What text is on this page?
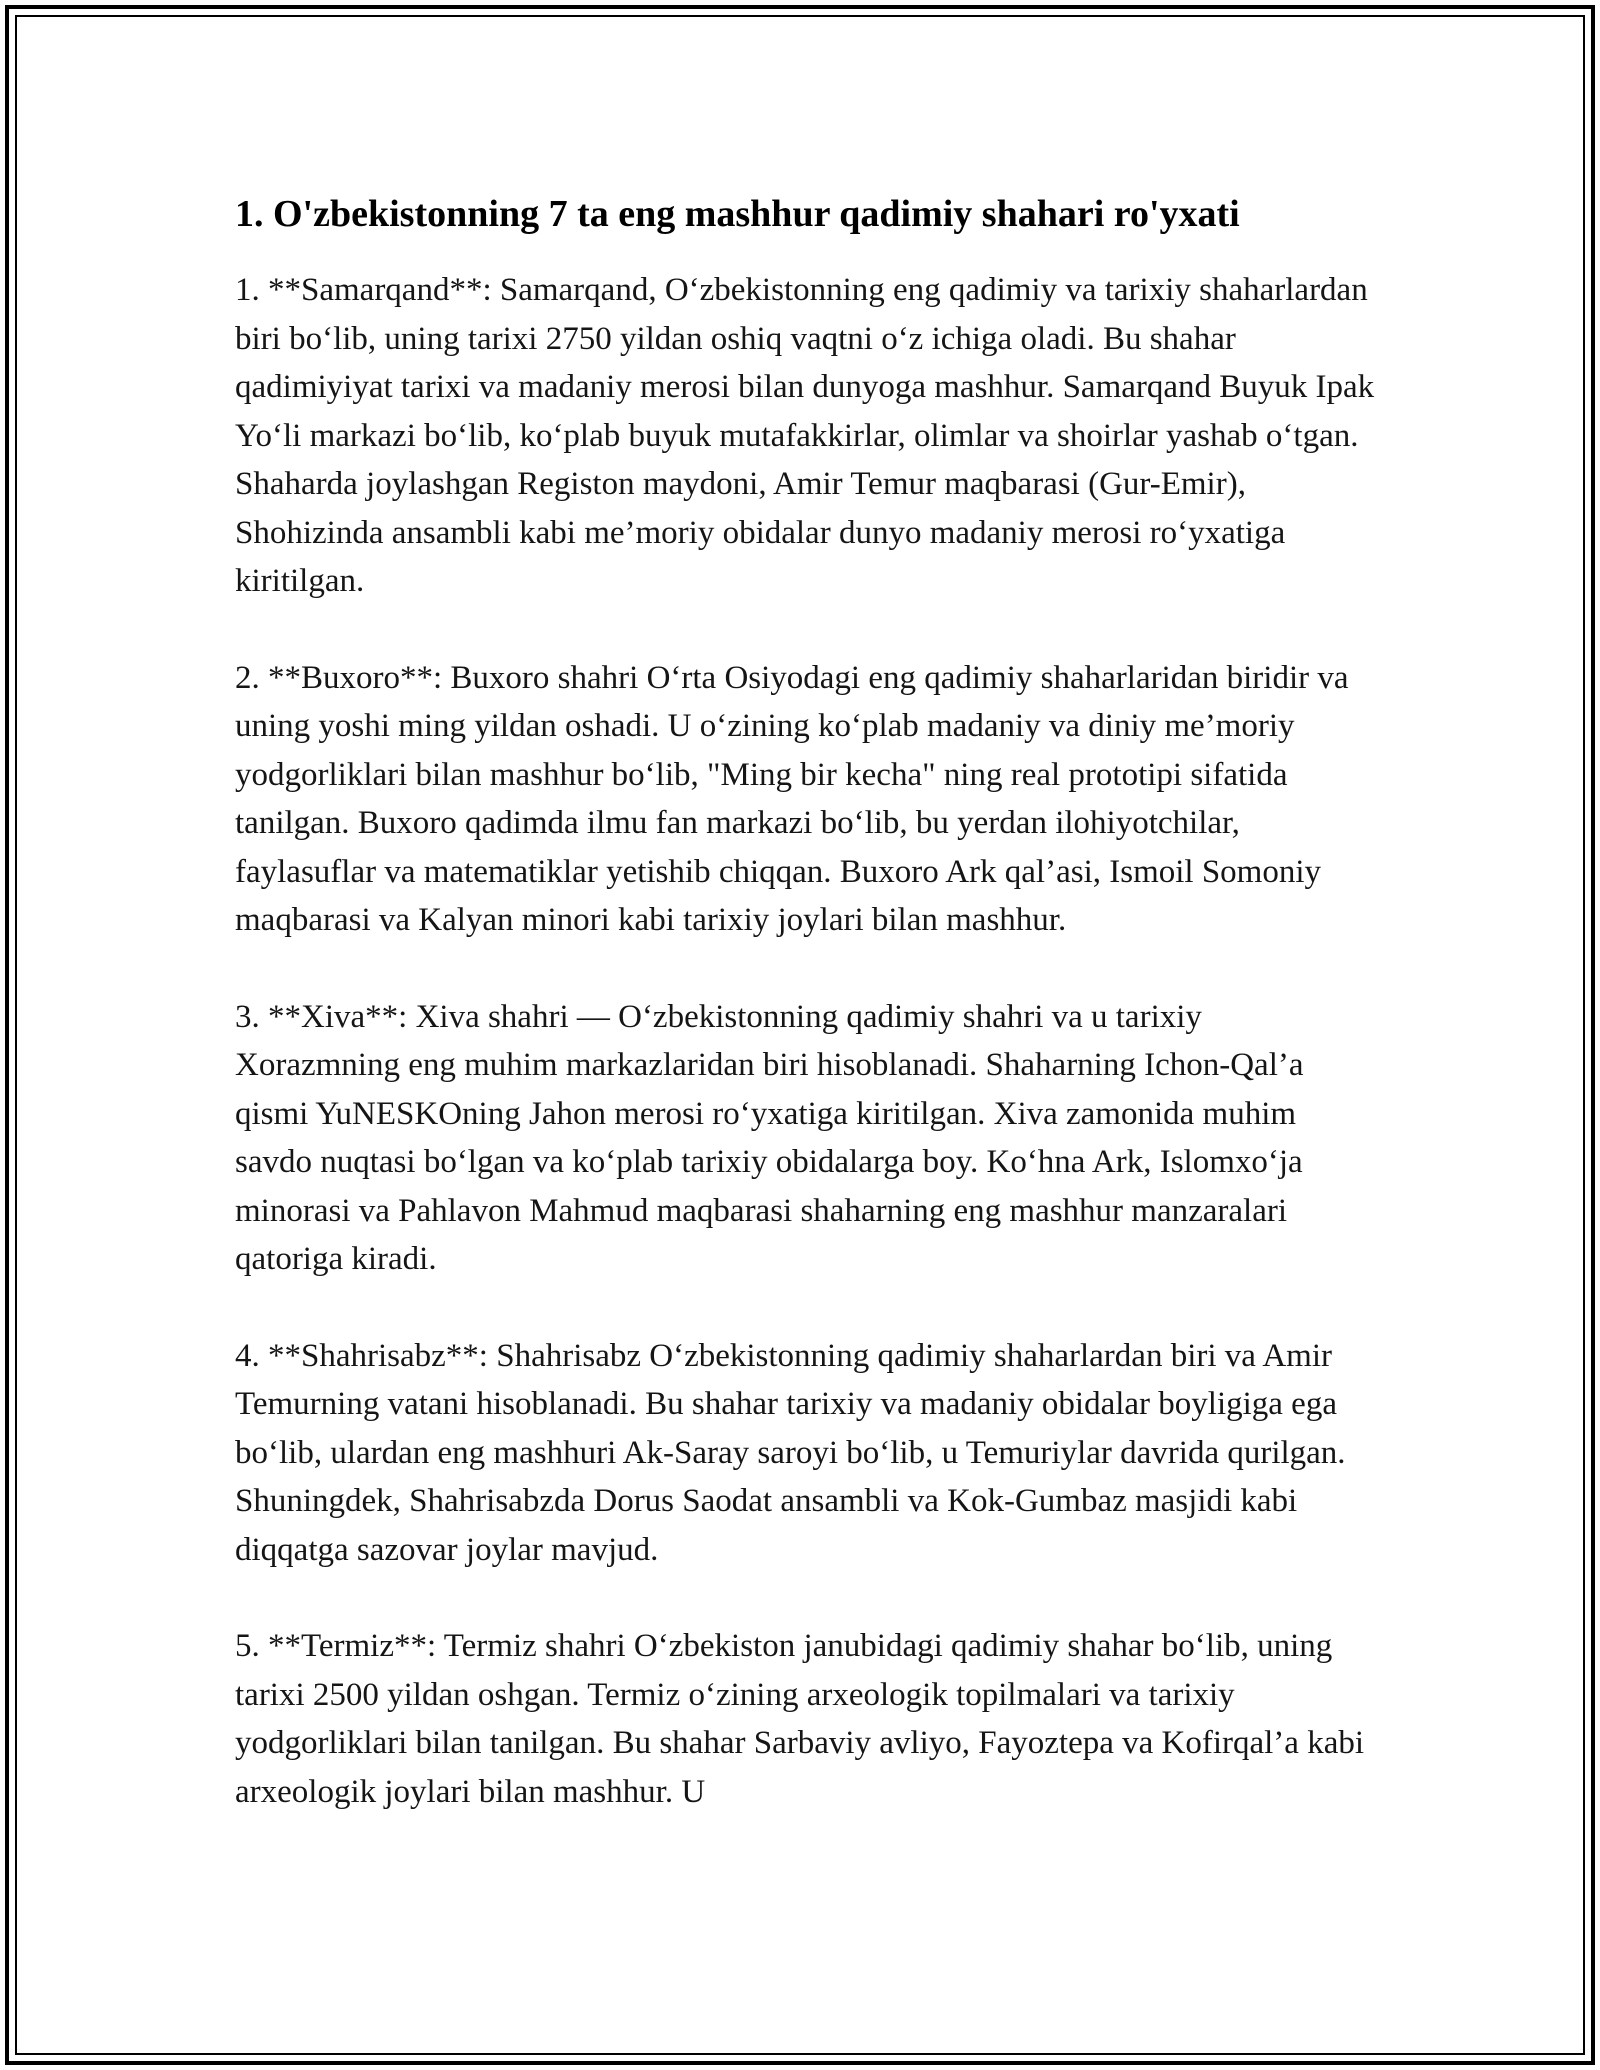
1. O'zbekistonning 7 ta eng mashhur qadimiy shahari ro'yxati

1. **Samarqand**: Samarqand, O‘zbekistonning eng qadimiy va tarixiy shaharlardan biri bo‘lib, uning tarixi 2750 yildan oshiq vaqtni o‘z ichiga oladi. Bu shahar qadimiyiyat tarixi va madaniy merosi bilan dunyoga mashhur. Samarqand Buyuk Ipak Yo‘li markazi bo‘lib, ko‘plab buyuk mutafakkirlar, olimlar va shoirlar yashab o‘tgan. Shaharda joylashgan Registon maydoni, Amir Temur maqbarasi (Gur-Emir), Shohizinda ansambli kabi me’moriy obidalar dunyo madaniy merosi ro‘yxatiga kiritilgan.

2. **Buxoro**: Buxoro shahri O‘rta Osiyodagi eng qadimiy shaharlaridan biridir va uning yoshi ming yildan oshadi. U o‘zining ko‘plab madaniy va diniy me’moriy yodgorliklari bilan mashhur bo‘lib, "Ming bir kecha" ning real prototipi sifatida tanilgan. Buxoro qadimda ilmu fan markazi bo‘lib, bu yerdan ilohiyotchilar, faylasuflar va matematiklar yetishib chiqqan. Buxoro Ark qal’asi, Ismoil Somoniy maqbarasi va Kalyan minori kabi tarixiy joylari bilan mashhur.

3. **Xiva**: Xiva shahri — O‘zbekistonning qadimiy shahri va u tarixiy Xorazmning eng muhim markazlaridan biri hisoblanadi. Shaharning Ichon-Qal’a qismi YuNESKOning Jahon merosi ro‘yxatiga kiritilgan. Xiva zamonida muhim savdo nuqtasi bo‘lgan va ko‘plab tarixiy obidalarga boy. Ko‘hna Ark, Islomxo‘ja minorasi va Pahlavon Mahmud maqbarasi shaharning eng mashhur manzaralari qatoriga kiradi.

4. **Shahrisabz**: Shahrisabz O‘zbekistonning qadimiy shaharlardan biri va Amir Temurning vatani hisoblanadi. Bu shahar tarixiy va madaniy obidalar boyligiga ega bo‘lib, ulardan eng mashhuri Ak-Saray saroyi bo‘lib, u Temuriylar davrida qurilgan. Shuningdek, Shahrisabzda Dorus Saodat ansambli va Kok-Gumbaz masjidi kabi diqqatga sazovar joylar mavjud.

5. **Termiz**: Termiz shahri O‘zbekiston janubidagi qadimiy shahar bo‘lib, uning tarixi 2500 yildan oshgan. Termiz o‘zining arxeologik topilmalari va tarixiy yodgorliklari bilan tanilgan. Bu shahar Sarbaviy avliyo, Fayoztepa va Kofirqal’a kabi arxeologik joylari bilan mashhur. U
